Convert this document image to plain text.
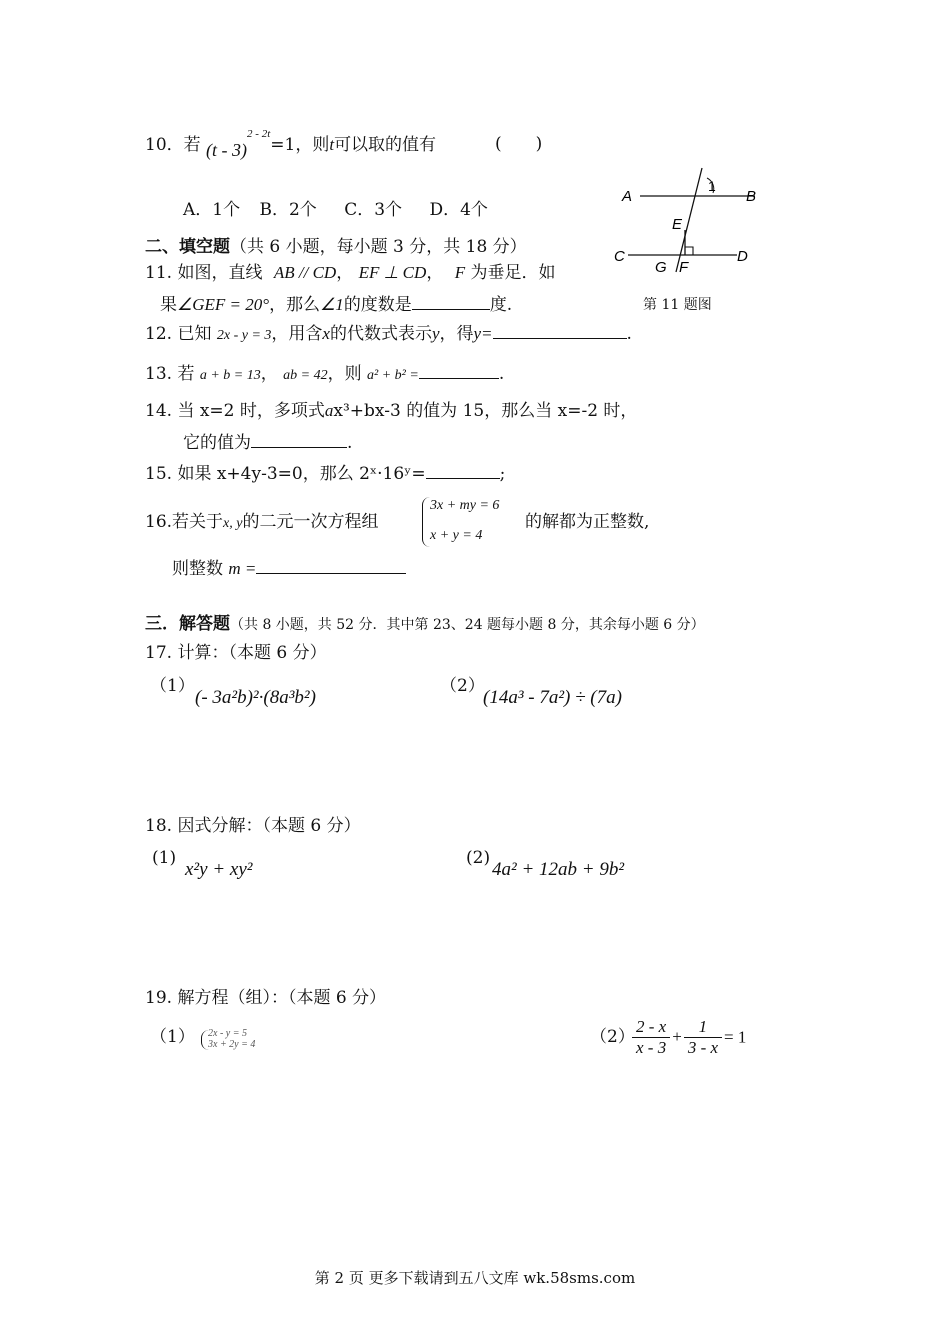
10．若 (t - 3)$^{2 - 2t}$=1，则t可以取的值有	(　　)
A．1个 B．2个 C．3个 D．4个
二、填空题（共 6 小题，每小题 3 分，共 18 分）
A	B
C	D
E
F
G
1
第 11 题图
11. 如图，直线 AB // CD， EF ⊥ CD， F 为垂足．如
果∠GEF = 20°，那么∠1的度数是	度.
12. 已知 2x - y = 3，用含x的代数式表示y，得y=	.
13. 若 a + b = 13， ab = 42，则 a² + b² =	.
14. 当 x=2 时，多项式ax³+bx-3 的值为 15，那么当 x=-2 时，
它的值为	.
15. 如果 x+4y-3=0，那么 2ˣ·16ʸ=	;
16.若关于x, y的二元一次方程组
3x + my = 6
x + y = 4
的解都为正整数,
则整数 m =
三．解答题（共 8 小题，共 52 分．其中第 23、24 题每小题 8 分，其余每小题 6 分）
17. 计算：（本题 6 分）
（1）
(- 3a²b)²·(8a³b²)
（2）
(14a³ - 7a²) ÷ (7a)
18. 因式分解：（本题 6 分）
(1)
x²y + xy²
(2)
4a² + 12ab + 9b²
19. 解方程（组）：（本题 6 分）
（1） 2x - y = 5
3x + 2y = 4	（2）
$\frac{2 - x}{x - 3} + \frac{1}{3 - x} = 1$
第 2 页 更多下载请到五八文库 wk.58sms.com
